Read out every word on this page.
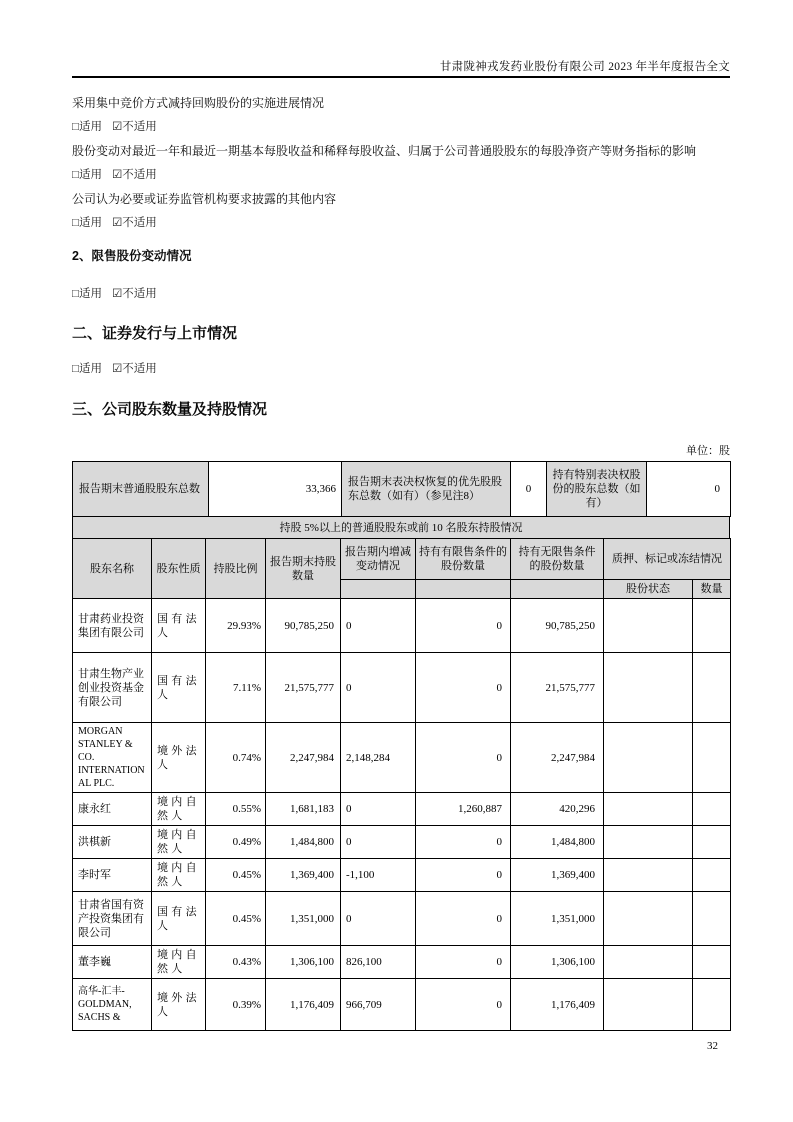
甘肃陇神戎发药业股份有限公司 2023 年半年度报告全文
采用集中竞价方式减持回购股份的实施进展情况
□适用 ☑不适用
股份变动对最近一年和最近一期基本每股收益和稀释每股收益、归属于公司普通股股东的每股净资产等财务指标的影响
□适用 ☑不适用
公司认为必要或证券监管机构要求披露的其他内容
□适用 ☑不适用
2、限售股份变动情况
□适用 ☑不适用
二、证券发行与上市情况
□适用 ☑不适用
三、公司股东数量及持股情况
单位：股
报告期末普通股股东总数	33,366	报告期末表决权恢复的优先股股东总数（如有）（参见注8）	0	持有特别表决权股份的股东总数（如有）	0
持股 5%以上的普通股股东或前 10 名股东持股情况
股东名称	股东性质	持股比例	报告期末持股数量	报告期内增减变动情况	持有有限售条件的股份数量	持有无限售条件的股份数量	质押、标记或冻结情况	
							股份状态	数量
甘肃药业投资集团有限公司	国有法人	29.93%	90,785,250	0	0	90,785,250		
甘肃生物产业创业投资基金有限公司	国有法人	7.11%	21,575,777	0	0	21,575,777		
MORGAN STANLEY & CO. INTERNATIONAL PLC.	境外法人	0.74%	2,247,984	2,148,284	0	2,247,984		
康永红	境内自然人	0.55%	1,681,183	0	1,260,887	420,296		
洪棋新	境内自然人	0.49%	1,484,800	0	0	1,484,800		
李时军	境内自然人	0.45%	1,369,400	-1,100	0	1,369,400		
甘肃省国有资产投资集团有限公司	国有法人	0.45%	1,351,000	0	0	1,351,000		
董李巍	境内自然人	0.43%	1,306,100	826,100	0	1,306,100		
高华-汇丰-GOLDMAN, SACHS &	境外法人	0.39%	1,176,409	966,709	0	1,176,409		
32
